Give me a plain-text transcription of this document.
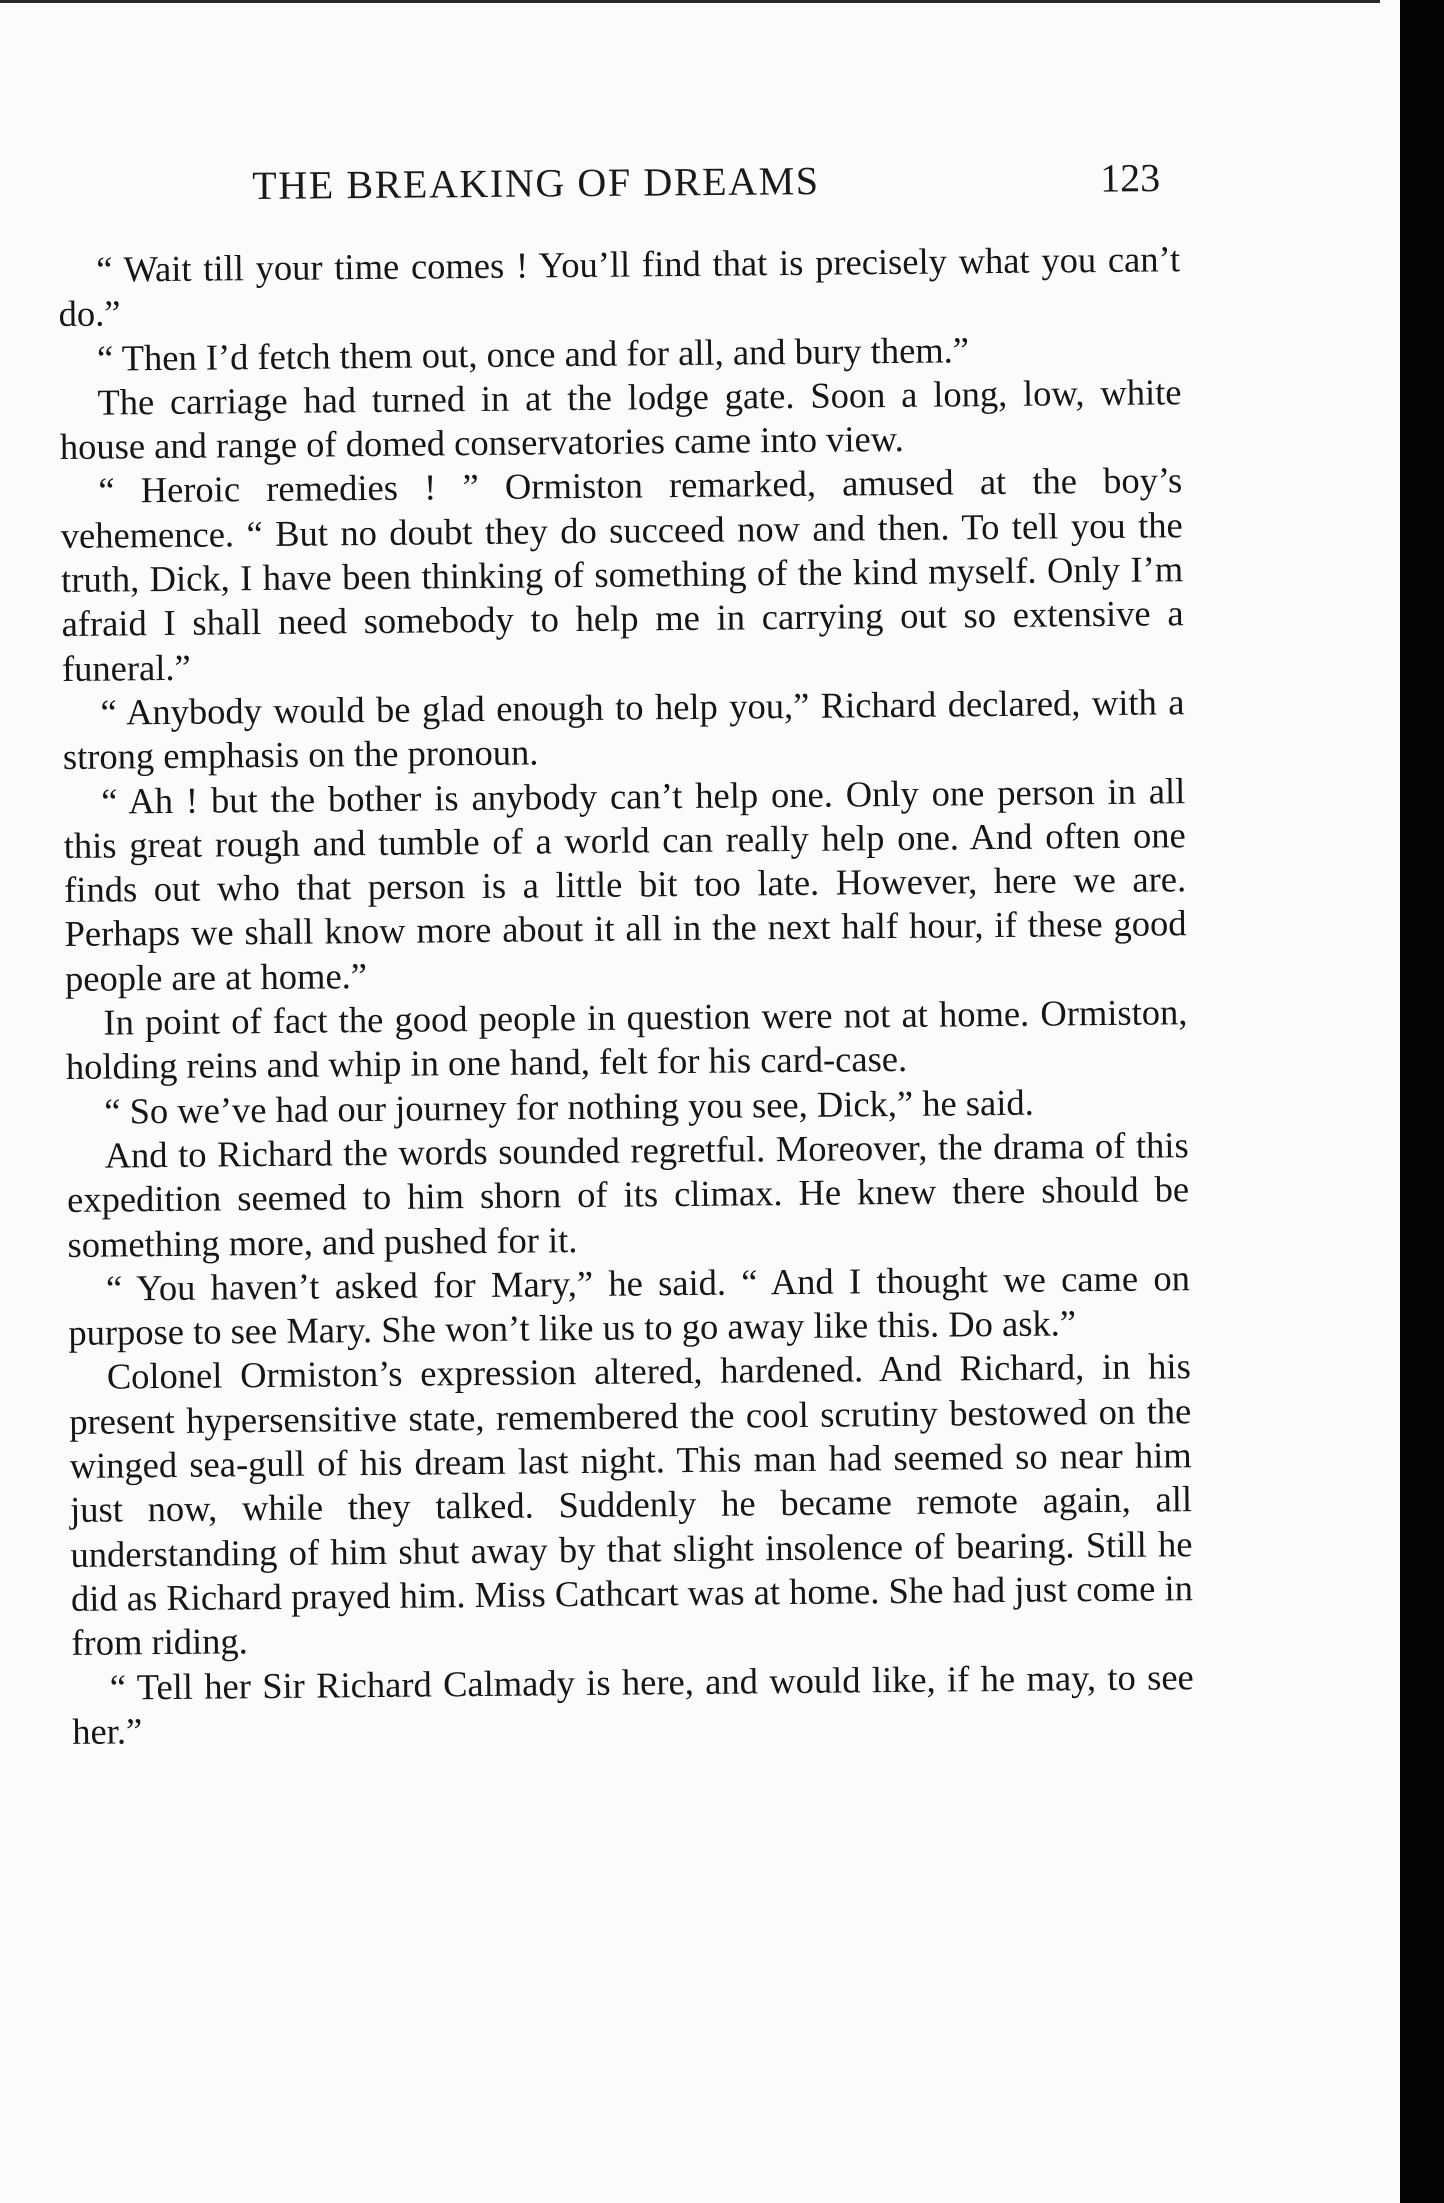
THE BREAKING OF DREAMS	123

“ Wait till your time comes ! You’ll find that is precisely what you can’t do.”

“ Then I’d fetch them out, once and for all, and bury them.”

The carriage had turned in at the lodge gate. Soon a long, low, white house and range of domed conservatories came into view.

“ Heroic remedies ! ” Ormiston remarked, amused at the boy’s vehemence. “ But no doubt they do succeed now and then. To tell you the truth, Dick, I have been thinking of something of the kind myself. Only I’m afraid I shall need somebody to help me in carrying out so extensive a funeral.”

“ Anybody would be glad enough to help you,” Richard declared, with a strong emphasis on the pronoun.

“ Ah ! but the bother is anybody can’t help one. Only one person in all this great rough and tumble of a world can really help one. And often one finds out who that person is a little bit too late. However, here we are. Perhaps we shall know more about it all in the next half hour, if these good people are at home.”

In point of fact the good people in question were not at home. Ormiston, holding reins and whip in one hand, felt for his card-case.

“ So we’ve had our journey for nothing you see, Dick,” he said.

And to Richard the words sounded regretful. Moreover, the drama of this expedition seemed to him shorn of its climax. He knew there should be something more, and pushed for it.

“ You haven’t asked for Mary,” he said. “ And I thought we came on purpose to see Mary. She won’t like us to go away like this. Do ask.”

Colonel Ormiston’s expression altered, hardened. And Richard, in his present hypersensitive state, remembered the cool scrutiny bestowed on the winged sea-gull of his dream last night. This man had seemed so near him just now, while they talked. Suddenly he became remote again, all understanding of him shut away by that slight insolence of bearing. Still he did as Richard prayed him. Miss Cathcart was at home. She had just come in from riding.

“ Tell her Sir Richard Calmady is here, and would like, if he may, to see her.”
